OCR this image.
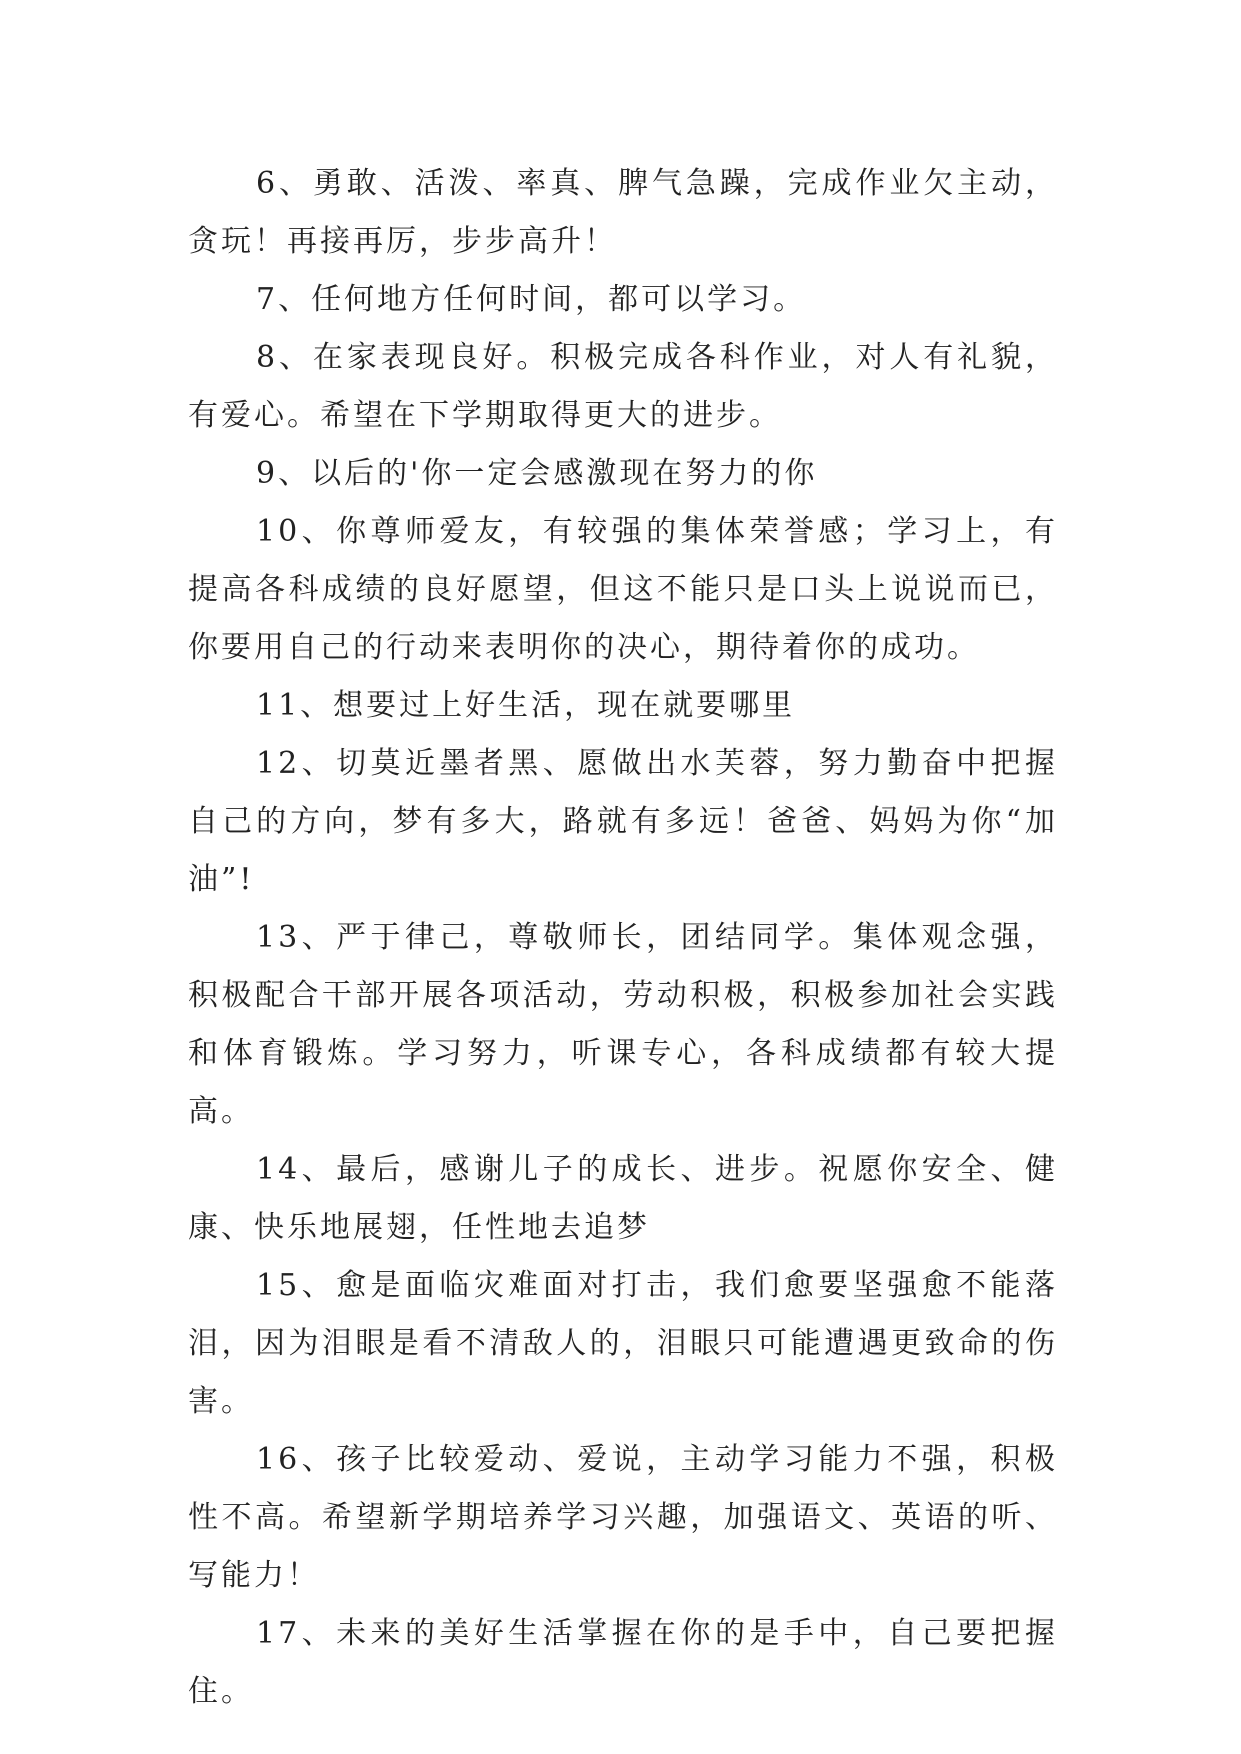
6、勇敢、活泼、率真、脾气急躁，完成作业欠主动，贪玩！再接再厉，步步高升！

7、任何地方任何时间，都可以学习。

8、在家表现良好。积极完成各科作业，对人有礼貌，有爱心。希望在下学期取得更大的进步。

9、以后的'你一定会感激现在努力的你

10、你尊师爱友，有较强的集体荣誉感；学习上，有提高各科成绩的良好愿望，但这不能只是口头上说说而已，你要用自己的行动来表明你的决心，期待着你的成功。

11、想要过上好生活，现在就要哪里

12、切莫近墨者黑、愿做出水芙蓉，努力勤奋中把握自己的方向，梦有多大，路就有多远！爸爸、妈妈为你“加油”!

13、严于律己，尊敬师长，团结同学。集体观念强，积极配合干部开展各项活动，劳动积极，积极参加社会实践和体育锻炼。学习努力，听课专心，各科成绩都有较大提高。

14、最后，感谢儿子的成长、进步。祝愿你安全、健康、快乐地展翅，任性地去追梦

15、愈是面临灾难面对打击，我们愈要坚强愈不能落泪，因为泪眼是看不清敌人的，泪眼只可能遭遇更致命的伤害。

16、孩子比较爱动、爱说，主动学习能力不强，积极性不高。希望新学期培养学习兴趣，加强语文、英语的听、写能力！

17、未来的美好生活掌握在你的是手中，自己要把握住。
